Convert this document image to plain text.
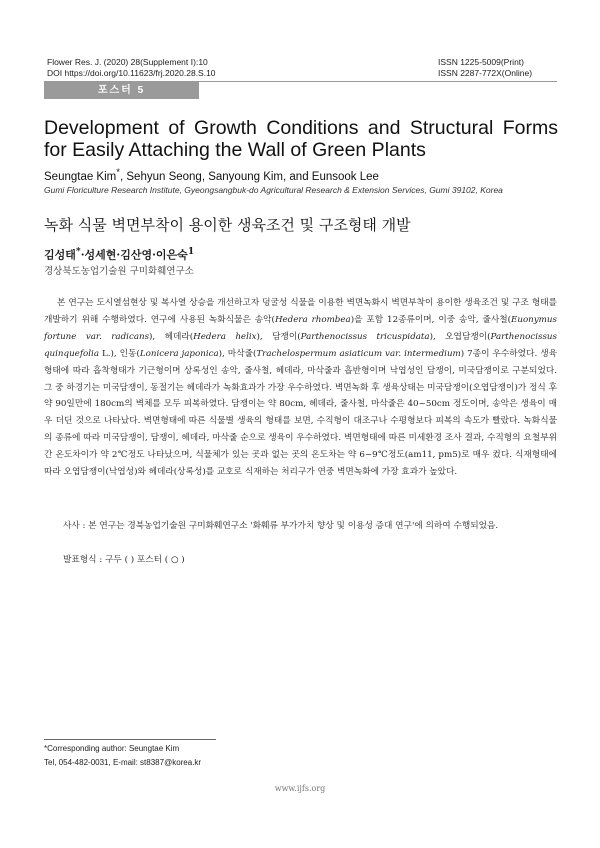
Flower Res. J. (2020) 28(Supplement Ⅰ):10
DOI https://doi.org/10.11623/frj.2020.28.S.10
ISSN 1225-5009(Print)
ISSN 2287-772X(Online)
포스터 5
Development of Growth Conditions and Structural Forms for Easily Attaching the Wall of Green Plants
Seungtae Kim*, Sehyun Seong, Sanyoung Kim, and Eunsook Lee
Gumi Floriculture Research Institute, Gyeongsangbuk-do Agricultural Research & Extension Services, Gumi 39102, Korea
녹화 식물 벽면부착이 용이한 생육조건 및 구조형태 개발
김성태*·성세현·김산영·이은숙$^1$
경상북도농업기술원 구미화훼연구소

본 연구는 도시열섬현상 및 복사열 상승을 개선하고자 덩굴성 식물을 이용한 벽면녹화시 벽면부착이 용이한 생육조건 및 구조 형태를 개발하기 위해 수행하였다. 연구에 사용된 녹화식물은 송악(Hedera rhombea)을 포함 12종류이며, 이중 송악, 줄사철(Euonymus fortune var. radicans), 헤데라(Hedera helix), 담쟁이(Parthenocissus tricuspidata), 오엽담쟁이(Parthenocissus quinquefolia L.), 인동(Lonicera japonica), 마삭줄(Trachelospermum asiaticum var. intermedium) 7종이 우수하였다. 생육형태에 따라 흡착형태가 기근형이며 상록성인 송악, 줄사철, 헤데라, 마삭줄과 흡반형이며 낙엽성인 담쟁이, 미국담쟁이로 구분되었다. 그 중 하경기는 미국담쟁이, 동절기는 헤데라가 녹화효과가 가장 우수하였다. 벽면녹화 후 생육상태는 미국담쟁이(오엽담쟁이)가 정식 후 약 90일만에 180cm의 벽체를 모두 피복하였다. 담쟁이는 약 80cm, 헤데라, 줄사철, 마삭줄은 40~50cm 정도이며, 송악은 생육이 매우 더딘 것으로 나타났다. 벽면형태에 따른 식물별 생육의 형태를 보면, 수직형이 대조구나 수평형보다 피복의 속도가 빨랐다. 녹화식물의 종류에 따라 미국담쟁이, 담쟁이, 헤데라, 마삭줄 순으로 생육이 우수하였다. 벽면형태에 따른 미세환경 조사 결과, 수직형의 요철부위간 온도차이가 약 2℃정도 나타났으며, 식물체가 있는 곳과 없는 곳의 온도차는 약 6~9℃정도(am11, pm5)로 매우 컸다. 식재형태에 따라 오엽담쟁이(낙엽성)와 헤데라(상록성)를 교호로 식재하는 처리구가 연중 벽면녹화에 가장 효과가 높았다.

사사 : 본 연구는 경북농업기술원 구미화훼연구소 '화훼류 부가가치 향상 및 이용성 증대 연구'에 의하여 수행되었음.
발표형식 : 구두 ( ) 포스터 ( ○ )
*Corresponding author: Seungtae Kim
Tel, 054-482-0031, E-mail: st8387@korea.kr
www.ijfs.org
